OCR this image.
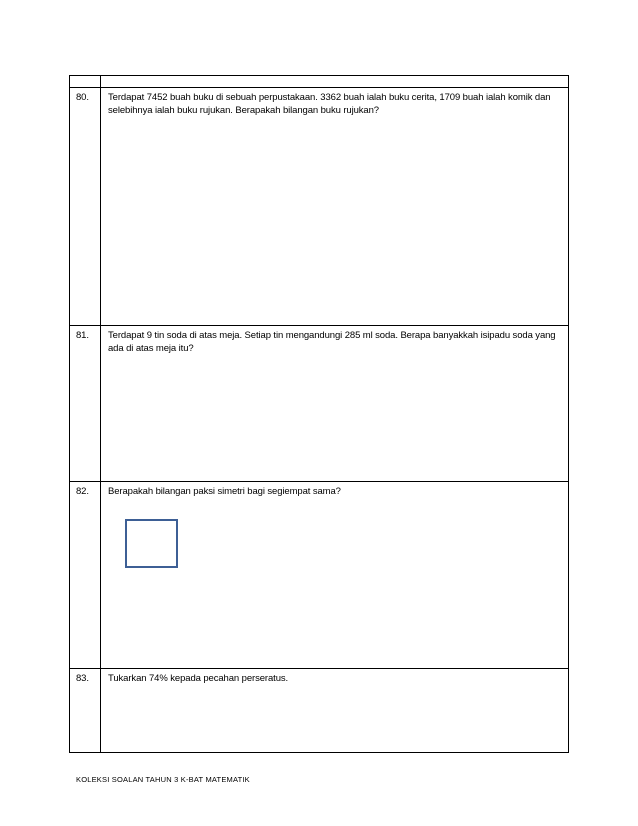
80.	Terdapat 7452 buah buku di sebuah perpustakaan. 3362 buah ialah buku cerita, 1709 buah ialah komik dan selebihnya ialah buku rujukan. Berapakah bilangan buku rujukan?
81.	Terdapat 9 tin soda di atas meja. Setiap tin mengandungi 285 ml soda. Berapa banyakkah isipadu soda yang ada di atas meja itu?
82.	Berapakah bilangan paksi simetri bagi segiempat sama?

83.	Tukarkan 74% kepada pecahan perseratus.
KOLEKSI SOALAN TAHUN 3 K-BAT MATEMATIK
